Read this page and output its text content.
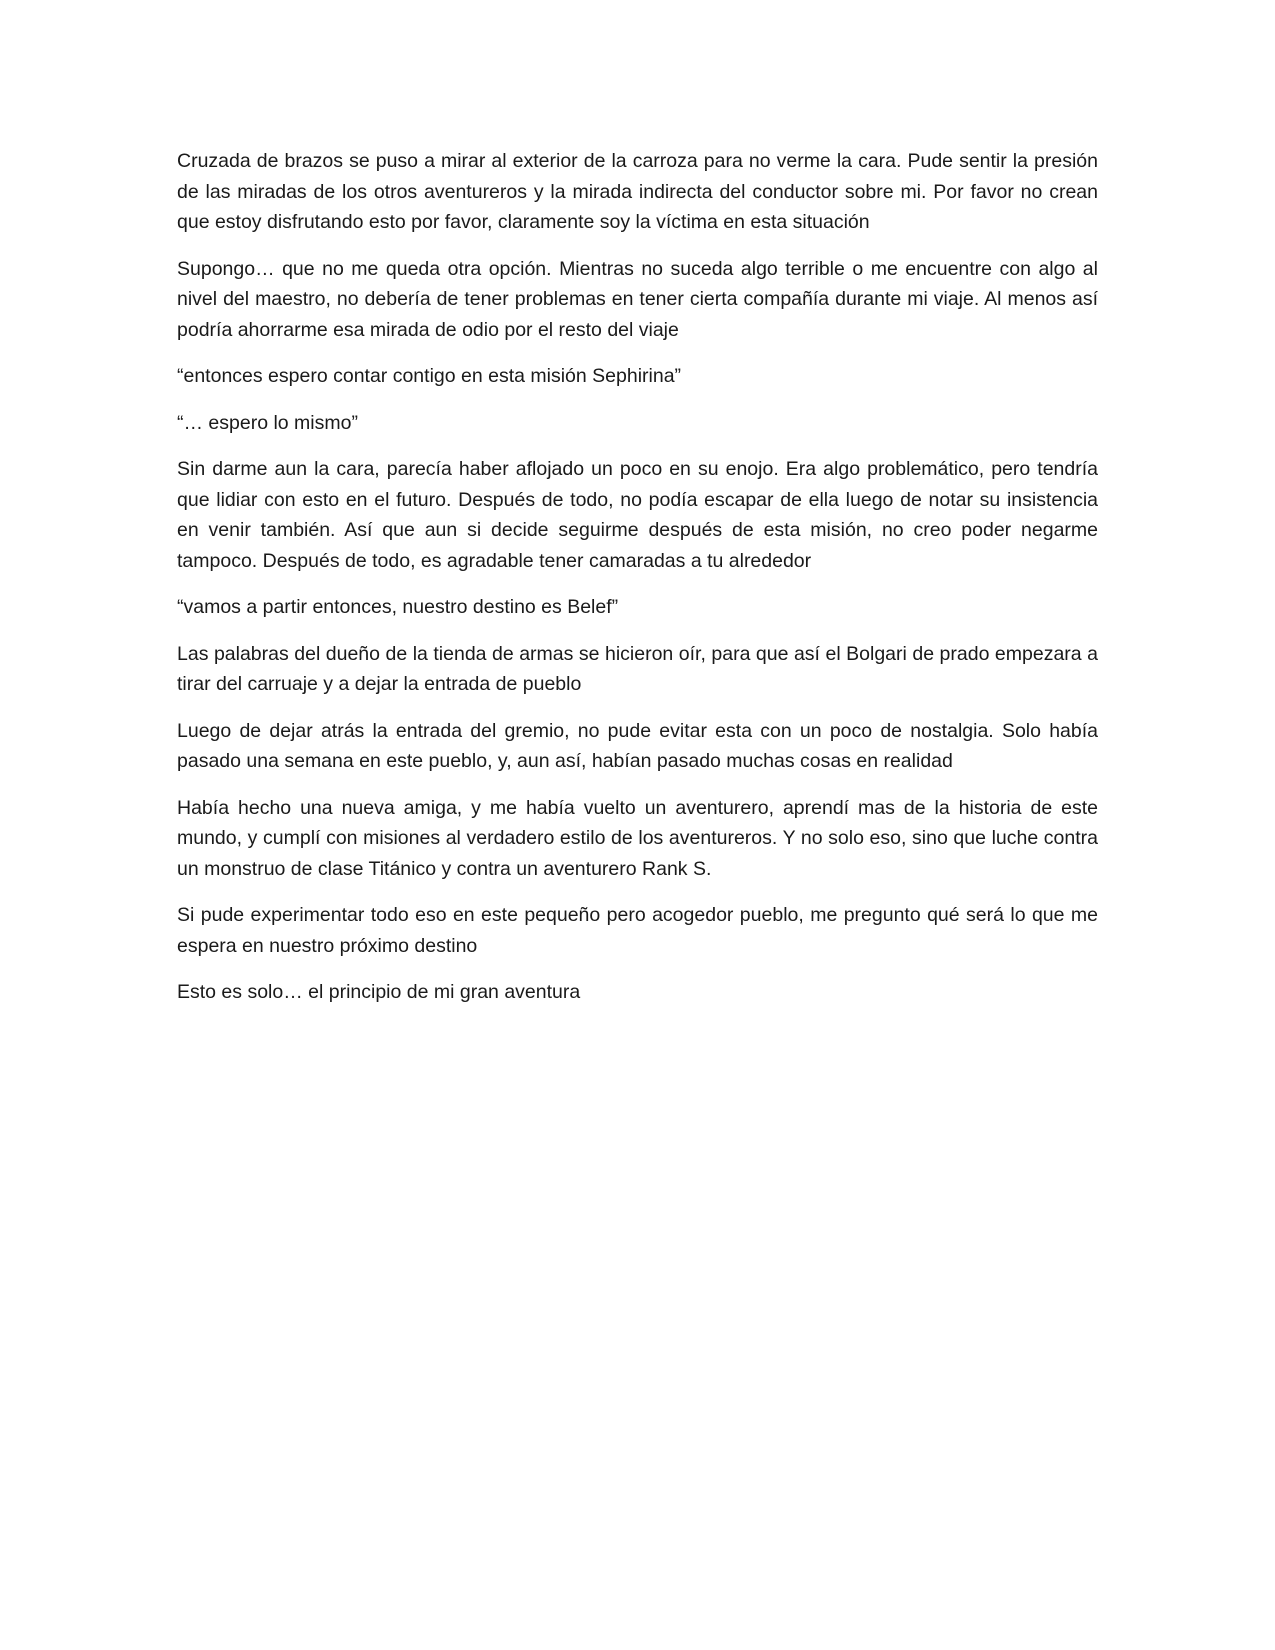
Cruzada de brazos se puso a mirar al exterior de la carroza para no verme la cara. Pude sentir la presión de las miradas de los otros aventureros y la mirada indirecta del conductor sobre mi. Por favor no crean que estoy disfrutando esto por favor, claramente soy la víctima en esta situación

Supongo… que no me queda otra opción. Mientras no suceda algo terrible o me encuentre con algo al nivel del maestro, no debería de tener problemas en tener cierta compañía durante mi viaje. Al menos así podría ahorrarme esa mirada de odio por el resto del viaje

“entonces espero contar contigo en esta misión Sephirina”

“… espero lo mismo”

Sin darme aun la cara, parecía haber aflojado un poco en su enojo. Era algo problemático, pero tendría que lidiar con esto en el futuro. Después de todo, no podía escapar de ella luego de notar su insistencia en venir también. Así que aun si decide seguirme después de esta misión, no creo poder negarme tampoco. Después de todo, es agradable tener camaradas a tu alrededor

“vamos a partir entonces, nuestro destino es Belef”

Las palabras del dueño de la tienda de armas se hicieron oír, para que así el Bolgari de prado empezara a tirar del carruaje y a dejar la entrada de pueblo

Luego de dejar atrás la entrada del gremio, no pude evitar esta con un poco de nostalgia. Solo había pasado una semana en este pueblo, y, aun así, habían pasado muchas cosas en realidad

Había hecho una nueva amiga, y me había vuelto un aventurero, aprendí mas de la historia de este mundo, y cumplí con misiones al verdadero estilo de los aventureros. Y no solo eso, sino que luche contra un monstruo de clase Titánico y contra un aventurero Rank S.

Si pude experimentar todo eso en este pequeño pero acogedor pueblo, me pregunto qué será lo que me espera en nuestro próximo destino

Esto es solo… el principio de mi gran aventura
